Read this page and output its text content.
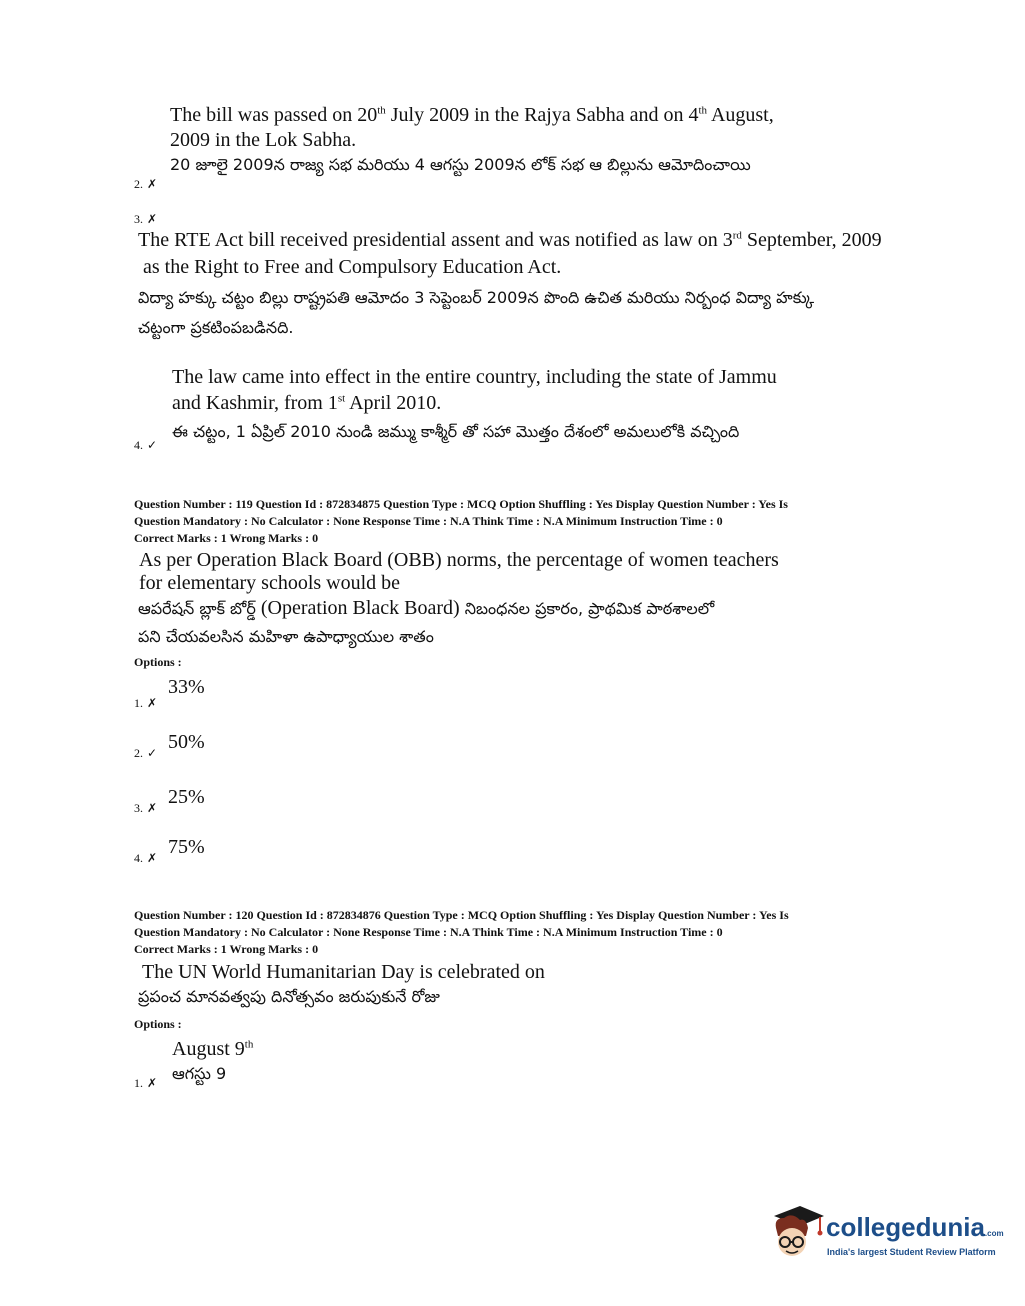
The bill was passed on 20th July 2009 in the Rajya Sabha and on 4th August,
2009 in the Lok Sabha.
20 జూలై 2009న రాజ్య సభ మరియు 4 ఆగస్టు 2009న లోక్ సభ ఆ బిల్లును ఆమోదించాయి
2. ✗
3. ✗
The RTE Act bill received presidential assent and was notified as law on 3rd September, 2009
as the Right to Free and Compulsory Education Act.
విద్యా హక్కు చట్టం బిల్లు రాష్ట్రపతి ఆమోదం 3 సెప్టెంబర్ 2009న పొంది ఉచిత మరియు నిర్బంధ విద్యా హక్కు
చట్టంగా ప్రకటింపబడినది.
The law came into effect in the entire country, including the state of Jammu
and Kashmir, from 1st April 2010.
ఈ చట్టం, 1 ఏప్రిల్ 2010 నుండి జమ్ము కాశ్మీర్ తో సహా మొత్తం దేశంలో అమలులోకి వచ్చింది
4. ✓
Question Number : 119 Question Id : 872834875 Question Type : MCQ Option Shuffling : Yes Display Question Number : Yes Is
Question Mandatory : No Calculator : None Response Time : N.A Think Time : N.A Minimum Instruction Time : 0
Correct Marks : 1 Wrong Marks : 0
As per Operation Black Board (OBB) norms, the percentage of women teachers
for elementary schools would be
ఆపరేషన్ బ్లాక్ బోర్డ్ (Operation Black Board) నిబంధనల ప్రకారం, ప్రాథమిక పాఠశాలలో
పని చేయవలసిన మహిళా ఉపాధ్యాయుల శాతం
Options :
1. ✗
33%
2. ✓ 50%
3. ✗ 25%
4. ✗ 75%
Question Number : 120 Question Id : 872834876 Question Type : MCQ Option Shuffling : Yes Display Question Number : Yes Is
Question Mandatory : No Calculator : None Response Time : N.A Think Time : N.A Minimum Instruction Time : 0
Correct Marks : 1 Wrong Marks : 0
The UN World Humanitarian Day is celebrated on
ప్రపంచ మానవత్వపు దినోత్సవం జరుపుకునే రోజు
Options :
August 9th
ఆగస్టు 9
1. ✗
collegedunia.com
India's largest Student Review Platform
